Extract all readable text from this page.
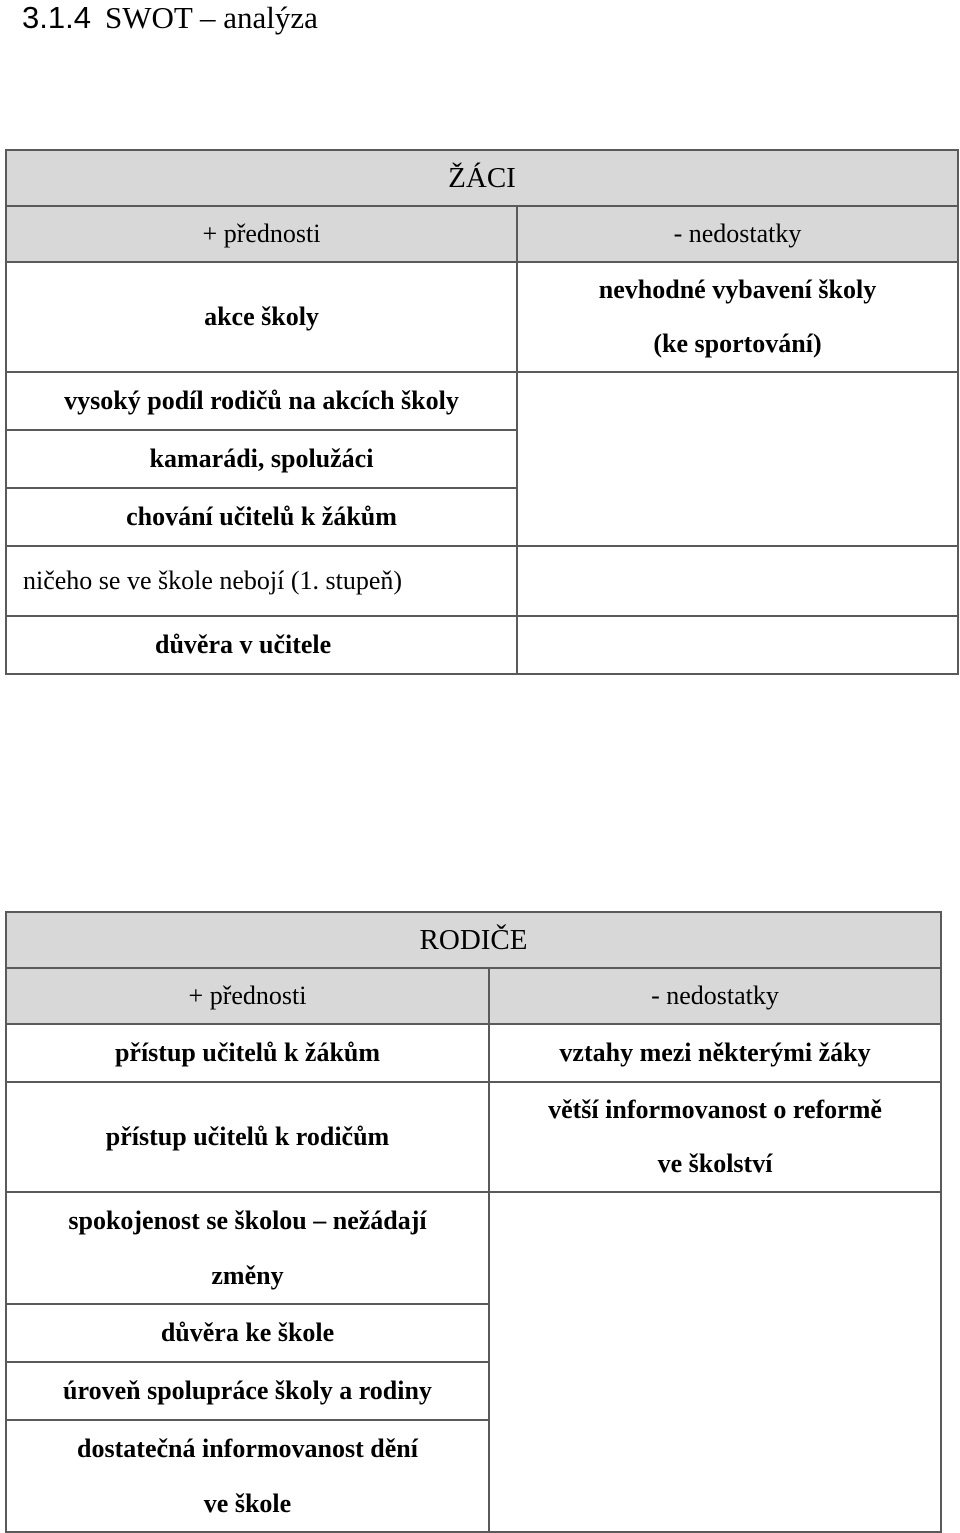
3.1.4 SWOT – analýza
ŽÁCI	
+ přednosti	- nedostatky
akce školy	nevhodné vybavení školy
(ke sportování)

vysoký podíl rodičů na akcích školy	
kamarádi, spolužáci	
chování učitelů k žákům	
ničeho se ve škole nebojí (1. stupeň)	
důvěra v učitele	
RODIČE	
+ přednosti	- nedostatky
přístup učitelů k žákům	vztahy mezi některými žáky
přístup učitelů k rodičům	větší informovanost o reformě
ve školství

spokojenost se školou – nežádají
změny	

důvěra ke škole	
úroveň spolupráce školy a rodiny	

dostatečná informovanost dění
ve škole	
